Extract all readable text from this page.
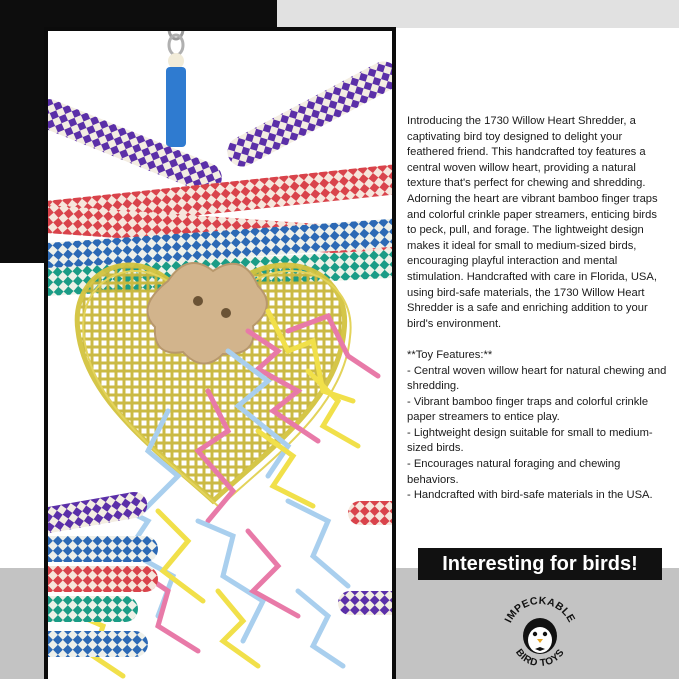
Introducing the 1730 Willow Heart Shredder, a captivating bird toy designed to delight your feathered friend. This handcrafted toy features a central woven willow heart, providing a natural texture that's perfect for chewing and shredding. Adorning the heart are vibrant bamboo finger traps and colorful crinkle paper streamers, enticing birds to peck, pull, and forage. The lightweight design makes it ideal for small to medium-sized birds, encouraging playful interaction and mental stimulation. Handcrafted with care in Florida, USA, using bird-safe materials, the 1730 Willow Heart Shredder is a safe and enriching addition to your bird's environment.

**Toy Features:**

- Central woven willow heart for natural chewing and shredding.

- Vibrant bamboo finger traps and colorful crinkle paper streamers to entice play.

- Lightweight design suitable for small to medium-sized birds.

- Encourages natural foraging and chewing behaviors.

- Handcrafted with bird-safe materials in the USA.

Interesting for birds!
IMPECKABLE
BIRD TOYS
